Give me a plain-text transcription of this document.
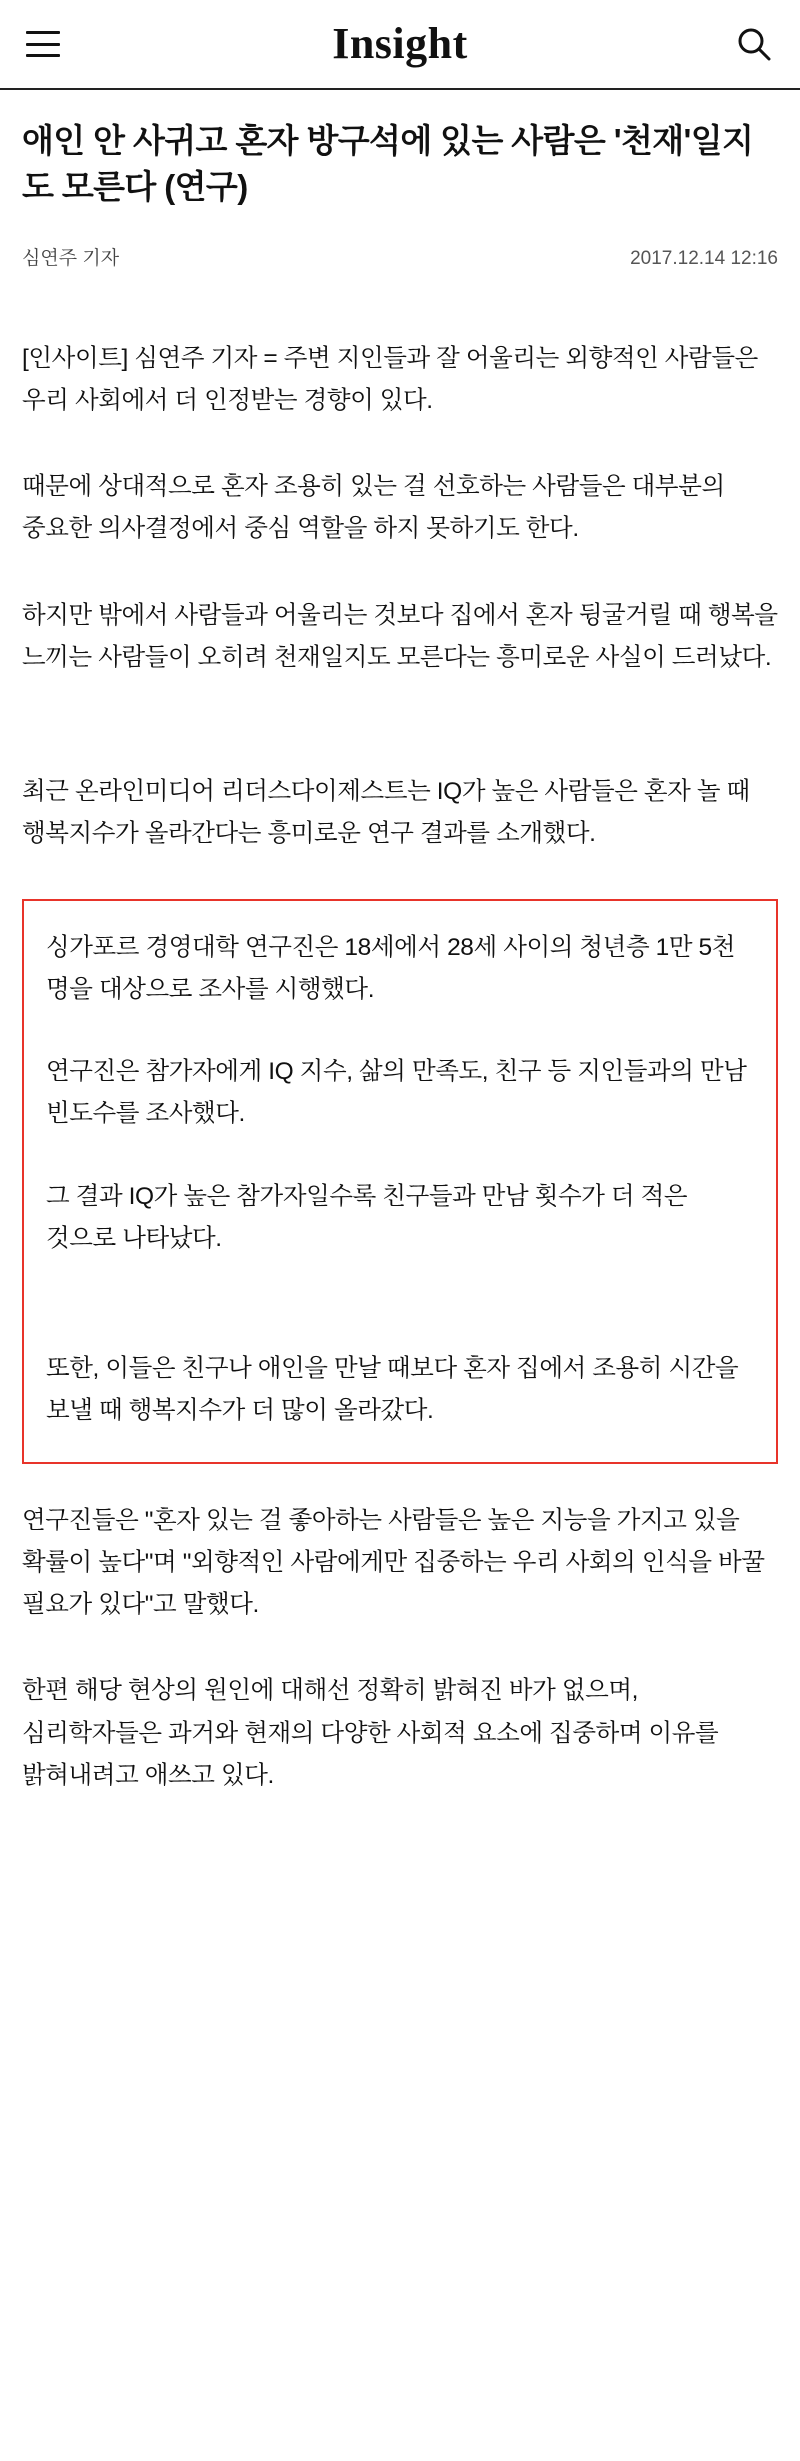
Insight
애인 안 사귀고 혼자 방구석에 있는 사람은 '천재'일지도 모른다 (연구)
심연주 기자	2017.12.14 12:16

[인사이트] 심연주 기자 = 주변 지인들과 잘 어울리는 외향적인 사람들은 우리 사회에서 더 인정받는 경향이 있다.

때문에 상대적으로 혼자 조용히 있는 걸 선호하는 사람들은 대부분의 중요한 의사결정에서 중심 역할을 하지 못하기도 한다.

하지만 밖에서 사람들과 어울리는 것보다 집에서 혼자 뒹굴거릴 때 행복을 느끼는 사람들이 오히려 천재일지도 모른다는 흥미로운 사실이 드러났다.

최근 온라인미디어 리더스다이제스트는 IQ가 높은 사람들은 혼자 놀 때 행복지수가 올라간다는 흥미로운 연구 결과를 소개했다.

싱가포르 경영대학 연구진은 18세에서 28세 사이의 청년층 1만 5천 명을 대상으로 조사를 시행했다.

연구진은 참가자에게 IQ 지수, 삶의 만족도, 친구 등 지인들과의 만남 빈도수를 조사했다.

그 결과 IQ가 높은 참가자일수록 친구들과 만남 횟수가 더 적은 것으로 나타났다.

또한, 이들은 친구나 애인을 만날 때보다 혼자 집에서 조용히 시간을 보낼 때 행복지수가 더 많이 올라갔다.

연구진들은 "혼자 있는 걸 좋아하는 사람들은 높은 지능을 가지고 있을 확률이 높다"며 "외향적인 사람에게만 집중하는 우리 사회의 인식을 바꿀 필요가 있다"고 말했다.

한편 해당 현상의 원인에 대해선 정확히 밝혀진 바가 없으며, 심리학자들은 과거와 현재의 다양한 사회적 요소에 집중하며 이유를 밝혀내려고 애쓰고 있다.
